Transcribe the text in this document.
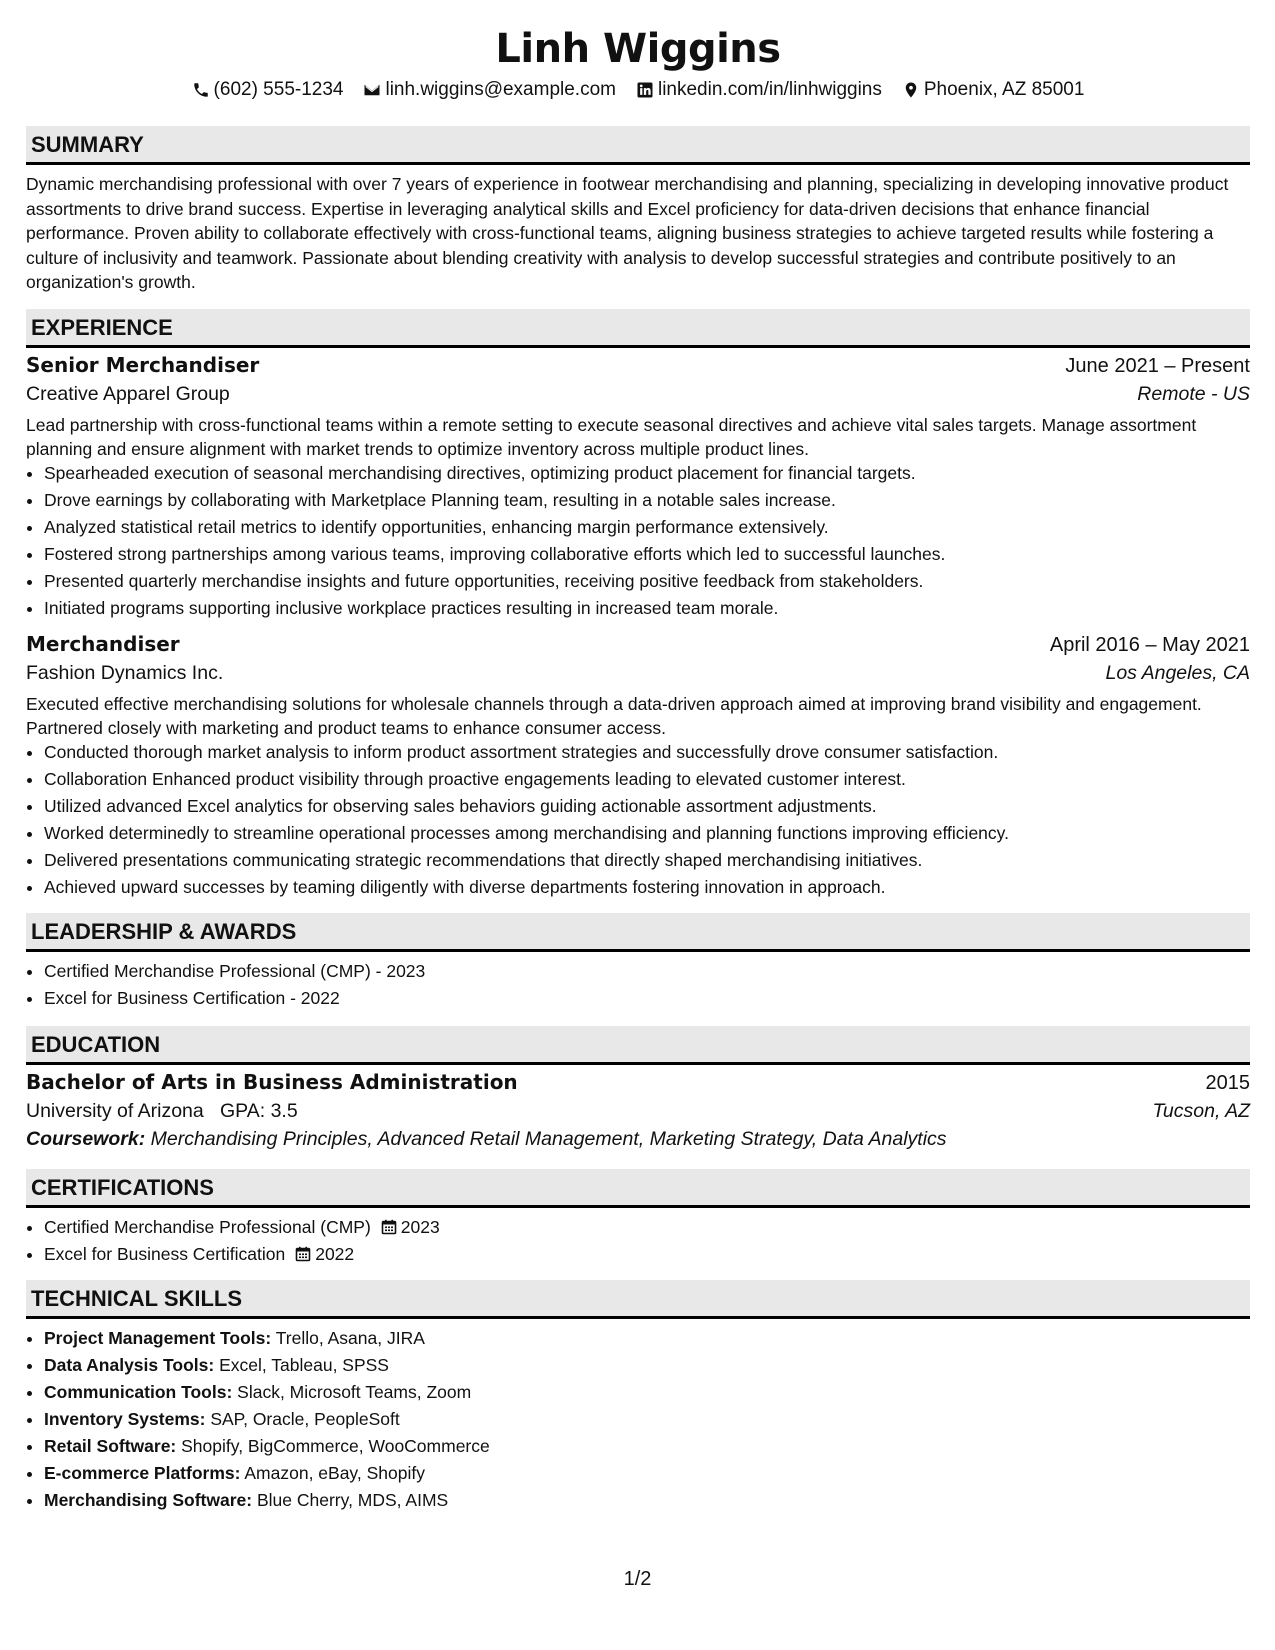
Linh Wiggins
(602) 555-1234 linh.wiggins@example.com linkedin.com/in/linhwiggins Phoenix, AZ 85001
SUMMARY

Dynamic merchandising professional with over 7 years of experience in footwear merchandising and planning, specializing in developing innovative product assortments to drive brand success. Expertise in leveraging analytical skills and Excel proficiency for data-driven decisions that enhance financial performance. Proven ability to collaborate effectively with cross-functional teams, aligning business strategies to achieve targeted results while fostering a culture of inclusivity and teamwork. Passionate about blending creativity with analysis to develop successful strategies and contribute positively to an organization's growth.

EXPERIENCE
Senior Merchandiser	June 2021 – Present
Creative Apparel Group	Remote - US
Lead partnership with cross-functional teams within a remote setting to execute seasonal directives and achieve vital sales targets. Manage assortment planning and ensure alignment with market trends to optimize inventory across multiple product lines.
• Spearheaded execution of seasonal merchandising directives, optimizing product placement for financial targets.
• Drove earnings by collaborating with Marketplace Planning team, resulting in a notable sales increase.
• Analyzed statistical retail metrics to identify opportunities, enhancing margin performance extensively.
• Fostered strong partnerships among various teams, improving collaborative efforts which led to successful launches.
• Presented quarterly merchandise insights and future opportunities, receiving positive feedback from stakeholders.
• Initiated programs supporting inclusive workplace practices resulting in increased team morale.
Merchandiser	April 2016 – May 2021
Fashion Dynamics Inc.	Los Angeles, CA
Executed effective merchandising solutions for wholesale channels through a data-driven approach aimed at improving brand visibility and engagement. Partnered closely with marketing and product teams to enhance consumer access.
• Conducted thorough market analysis to inform product assortment strategies and successfully drove consumer satisfaction.
• Collaboration Enhanced product visibility through proactive engagements leading to elevated customer interest.
• Utilized advanced Excel analytics for observing sales behaviors guiding actionable assortment adjustments.
• Worked determinedly to streamline operational processes among merchandising and planning functions improving efficiency.
• Delivered presentations communicating strategic recommendations that directly shaped merchandising initiatives.
• Achieved upward successes by teaming diligently with diverse departments fostering innovation in approach.
LEADERSHIP & AWARDS
• Certified Merchandise Professional (CMP) - 2023
• Excel for Business Certification - 2022
EDUCATION
Bachelor of Arts in Business Administration	2015
University of Arizona GPA: 3.5	Tucson, AZ
Coursework: Merchandising Principles, Advanced Retail Management, Marketing Strategy, Data Analytics
CERTIFICATIONS
• Certified Merchandise Professional (CMP) 2023
• Excel for Business Certification 2022
TECHNICAL SKILLS
• Project Management Tools: Trello, Asana, JIRA
• Data Analysis Tools: Excel, Tableau, SPSS
• Communication Tools: Slack, Microsoft Teams, Zoom
• Inventory Systems: SAP, Oracle, PeopleSoft
• Retail Software: Shopify, BigCommerce, WooCommerce
• E-commerce Platforms: Amazon, eBay, Shopify
• Merchandising Software: Blue Cherry, MDS, AIMS
1/2
